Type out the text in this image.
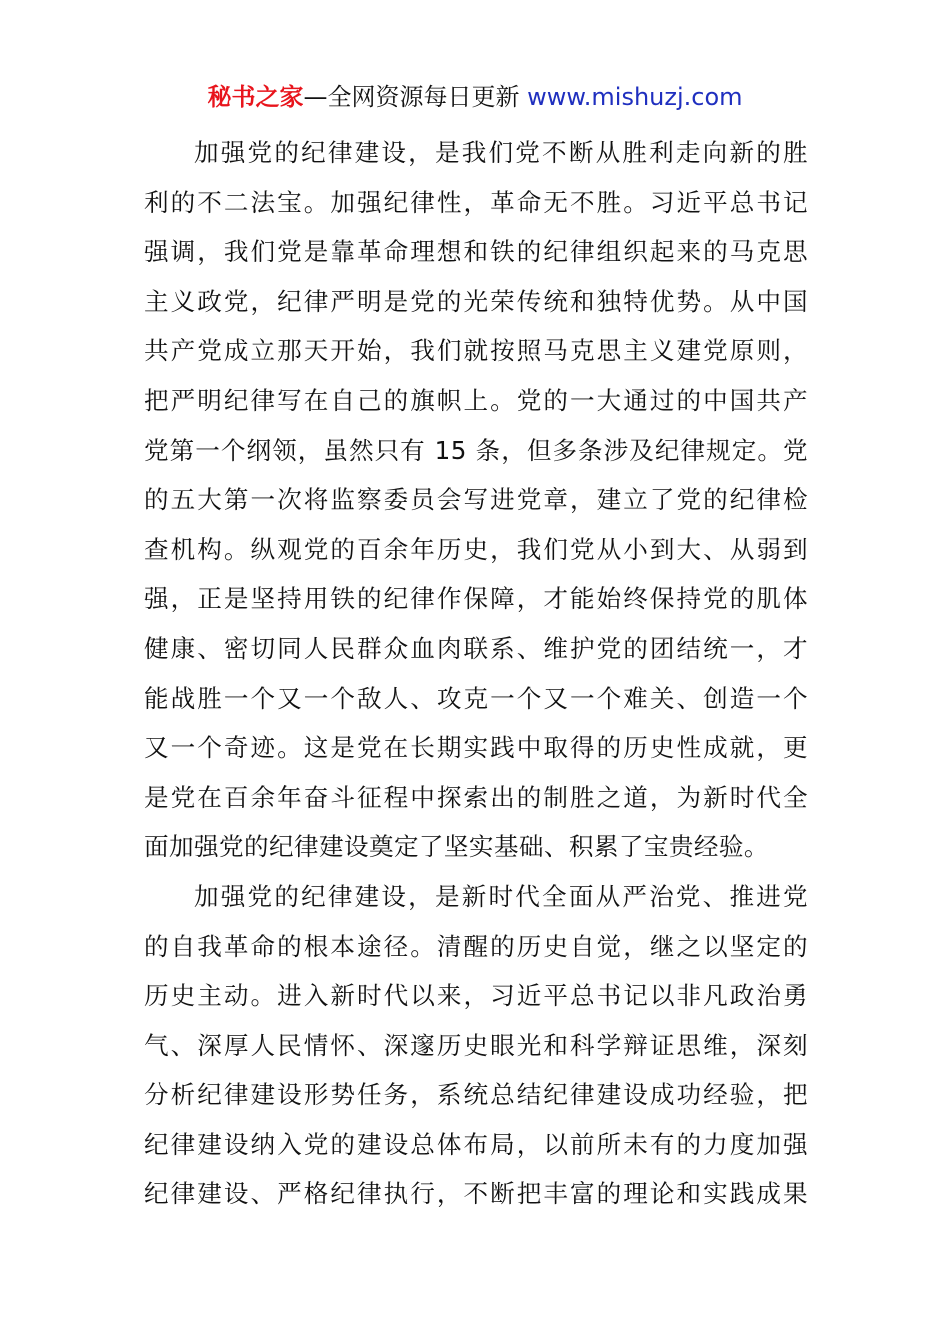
秘书之家—全网资源每日更新 www.mishuzj.com
加强党的纪律建设，是我们党不断从胜利走向新的胜
利的不二法宝。加强纪律性，革命无不胜。习近平总书记
强调，我们党是靠革命理想和铁的纪律组织起来的马克思
主义政党，纪律严明是党的光荣传统和独特优势。从中国
共产党成立那天开始，我们就按照马克思主义建党原则，
把严明纪律写在自己的旗帜上。党的一大通过的中国共产
党第一个纲领，虽然只有 15 条，但多条涉及纪律规定。党
的五大第一次将监察委员会写进党章，建立了党的纪律检
查机构。纵观党的百余年历史，我们党从小到大、从弱到
强，正是坚持用铁的纪律作保障，才能始终保持党的肌体
健康、密切同人民群众血肉联系、维护党的团结统一，才
能战胜一个又一个敌人、攻克一个又一个难关、创造一个
又一个奇迹。这是党在长期实践中取得的历史性成就，更
是党在百余年奋斗征程中探索出的制胜之道，为新时代全
面加强党的纪律建设奠定了坚实基础、积累了宝贵经验。
加强党的纪律建设，是新时代全面从严治党、推进党
的自我革命的根本途径。清醒的历史自觉，继之以坚定的
历史主动。进入新时代以来，习近平总书记以非凡政治勇
气、深厚人民情怀、深邃历史眼光和科学辩证思维，深刻
分析纪律建设形势任务，系统总结纪律建设成功经验，把
纪律建设纳入党的建设总体布局，以前所未有的力度加强
纪律建设、严格纪律执行，不断把丰富的理论和实践成果
